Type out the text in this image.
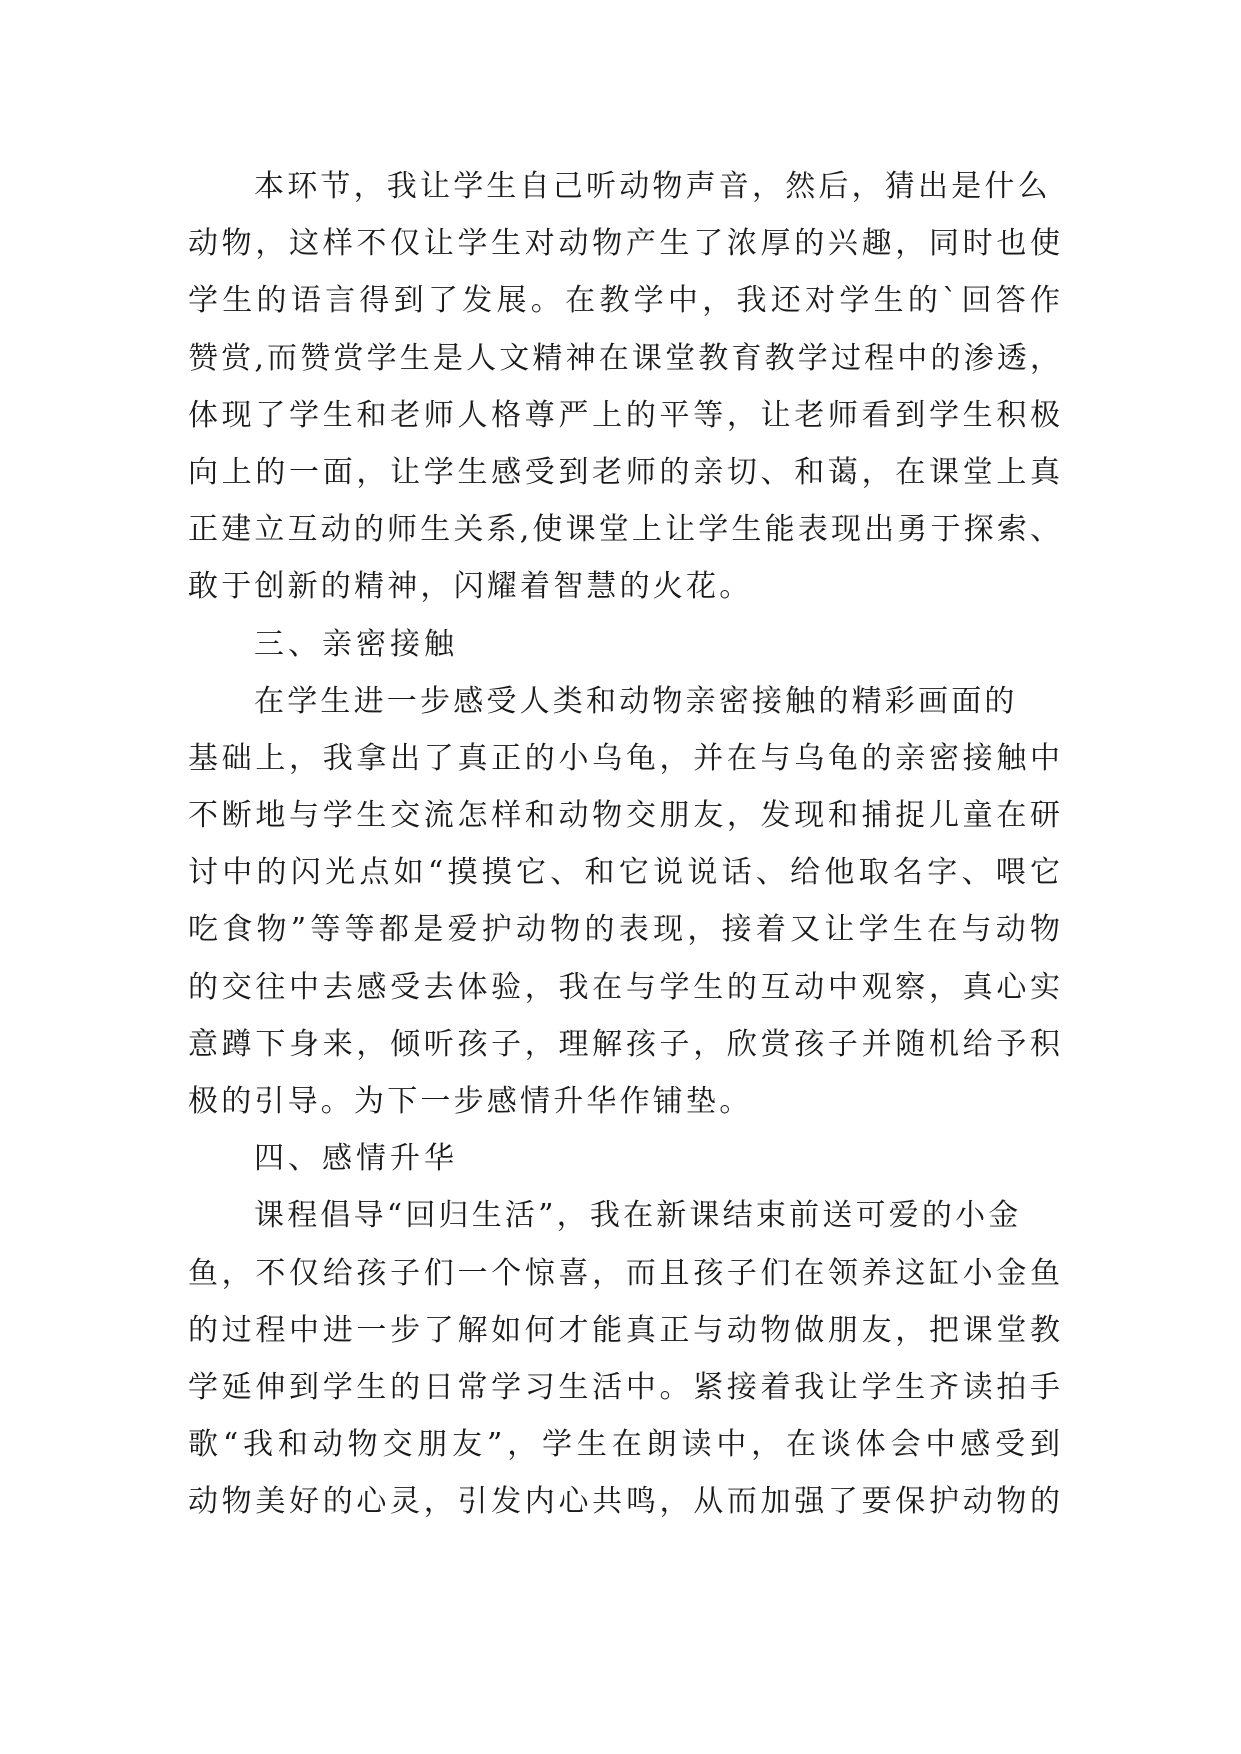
本环节，我让学生自己听动物声音，然后，猜出是什么
动物，这样不仅让学生对动物产生了浓厚的兴趣，同时也使
学生的语言得到了发展。在教学中，我还对学生的`回答作
赞赏,而赞赏学生是人文精神在课堂教育教学过程中的渗透，
体现了学生和老师人格尊严上的平等，让老师看到学生积极
向上的一面，让学生感受到老师的亲切、和蔼，在课堂上真
正建立互动的师生关系,使课堂上让学生能表现出勇于探索、
敢于创新的精神，闪耀着智慧的火花。
三、亲密接触
在学生进一步感受人类和动物亲密接触的精彩画面的
基础上，我拿出了真正的小乌龟，并在与乌龟的亲密接触中
不断地与学生交流怎样和动物交朋友，发现和捕捉儿童在研
讨中的闪光点如“摸摸它、和它说说话、给他取名字、喂它
吃食物”等等都是爱护动物的表现，接着又让学生在与动物
的交往中去感受去体验，我在与学生的互动中观察，真心实
意蹲下身来，倾听孩子，理解孩子，欣赏孩子并随机给予积
极的引导。为下一步感情升华作铺垫。
四、感情升华
课程倡导“回归生活”，我在新课结束前送可爱的小金
鱼，不仅给孩子们一个惊喜，而且孩子们在领养这缸小金鱼
的过程中进一步了解如何才能真正与动物做朋友，把课堂教
学延伸到学生的日常学习生活中。紧接着我让学生齐读拍手
歌“我和动物交朋友”，学生在朗读中，在谈体会中感受到
动物美好的心灵，引发内心共鸣，从而加强了要保护动物的
